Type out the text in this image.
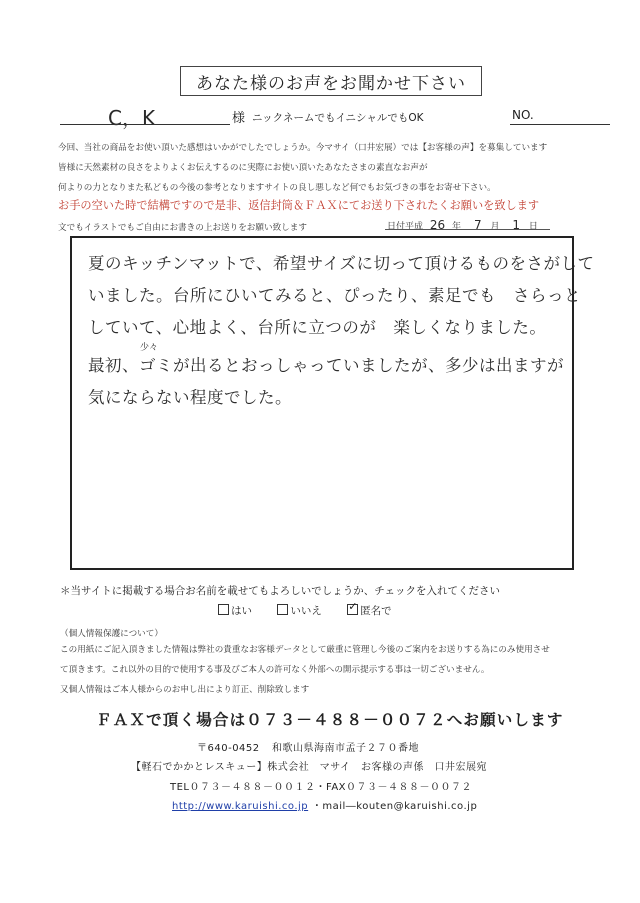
あなた様のお声をお聞かせ下さい
C，K	様 ニックネームでもイニシャルでもOK	NO.
今回、当社の商品をお使い頂いた感想はいかがでしたでしょうか。今マサイ（口井宏展）では【お客様の声】を募集しています
皆様に天然素材の良さをよりよくお伝えするのに実際にお使い頂いたあなたさまの素直なお声が
何よりの力となりまた私どもの今後の参考となりますサイトの良し悪しなど何でもお気づきの事をお寄せ下さい。
お手の空いた時で結構ですので是非、返信封筒＆ＦＡＸにてお送り下されたくお願いを致します
文でもイラストでもご自由にお書きの上お送りをお願い致します	日付平成 26 年 7 月 1 日
夏のキッチンマットで、希望サイズに切って頂けるものをさがして
いました。台所にひいてみると、ぴったり、素足でも　さらっと
していて、心地よく、台所に立つのが　楽しくなりました。
最初、ゴミが出るとおっしゃっていましたが、多少は出ますが
気にならない程度でした。
少々
＊当サイトに掲載する場合お名前を載せてもよろしいでしょうか、チェックを入れてください
はい	いいえ ✓	匿名で
（個人情報保護について）
この用紙にご記入頂きました情報は弊社の貴重なお客様データとして厳重に管理し今後のご案内をお送りする為にのみ使用させ
て頂きます。これ以外の目的で使用する事及びご本人の許可なく外部への開示提示する事は一切ございません。
又個人情報はご本人様からのお申し出により訂正、削除致します
ＦＡＸで頂く場合は０７３－４８８－００７２へお願いします
〒640-0452 和歌山県海南市孟子２７０番地
【軽石でかかとレスキュー】株式会社　マサイ　お客様の声係　口井宏展宛
TEL０７３－４８８－００１２・FAX０７３－４８８－００７２
http://www.karuishi.co.jp ・mail―kouten@karuishi.co.jp
